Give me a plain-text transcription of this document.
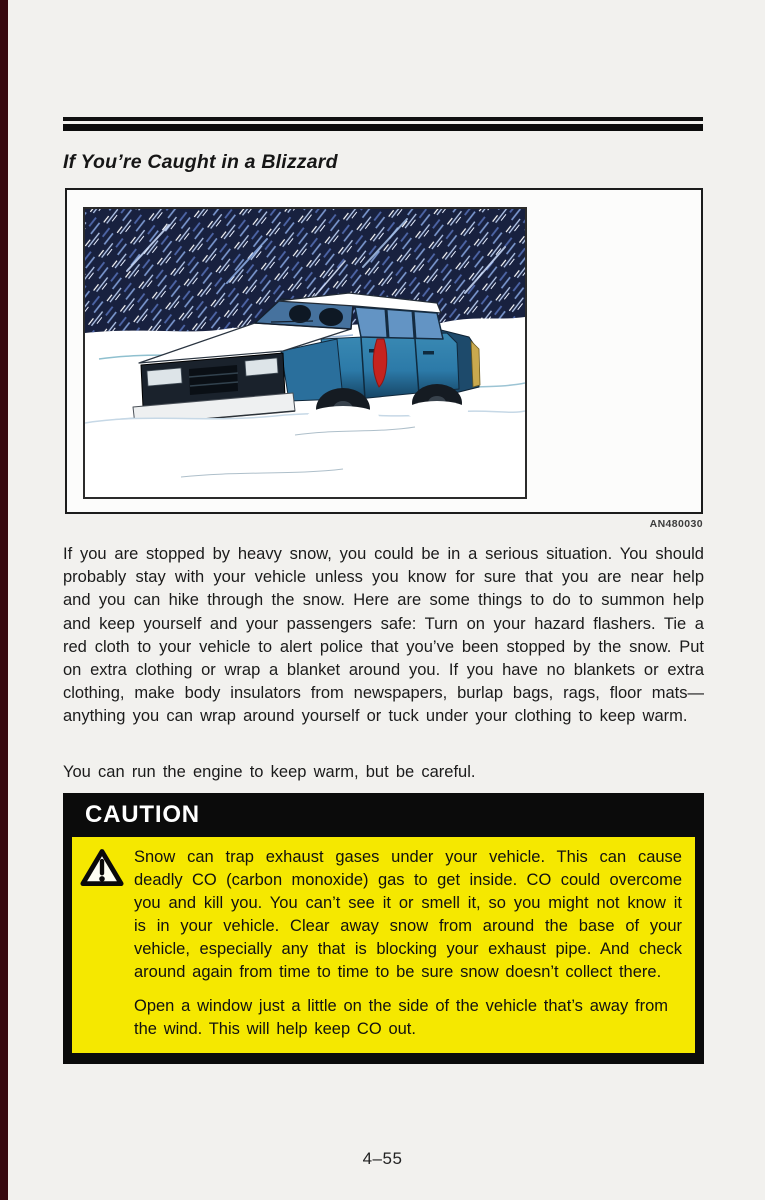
If You’re Caught in a Blizzard
AN480030

If you are stopped by heavy snow, you could be in a serious situation. You should probably stay with your vehicle unless you know for sure that you are near help and you can hike through the snow. Here are some things to do to summon help and keep yourself and your passengers safe: Turn on your hazard flashers. Tie a red cloth to your vehicle to alert police that you’ve been stopped by the snow. Put on extra clothing or wrap a blanket around you. If you have no blankets or extra clothing, make body insulators from newspapers, burlap bags, rags, floor mats—anything you can wrap around yourself or tuck under your clothing to keep warm.

You can run the engine to keep warm, but be careful.

CAUTION

Snow can trap exhaust gases under your vehicle. This can cause deadly CO (carbon monoxide) gas to get inside. CO could overcome you and kill you. You can’t see it or smell it, so you might not know it is in your vehicle. Clear away snow from around the base of your vehicle, especially any that is blocking your exhaust pipe. And check around again from time to time to be sure snow doesn’t collect there.

Open a window just a little on the side of the vehicle that’s away from the wind. This will help keep CO out.

4–55
